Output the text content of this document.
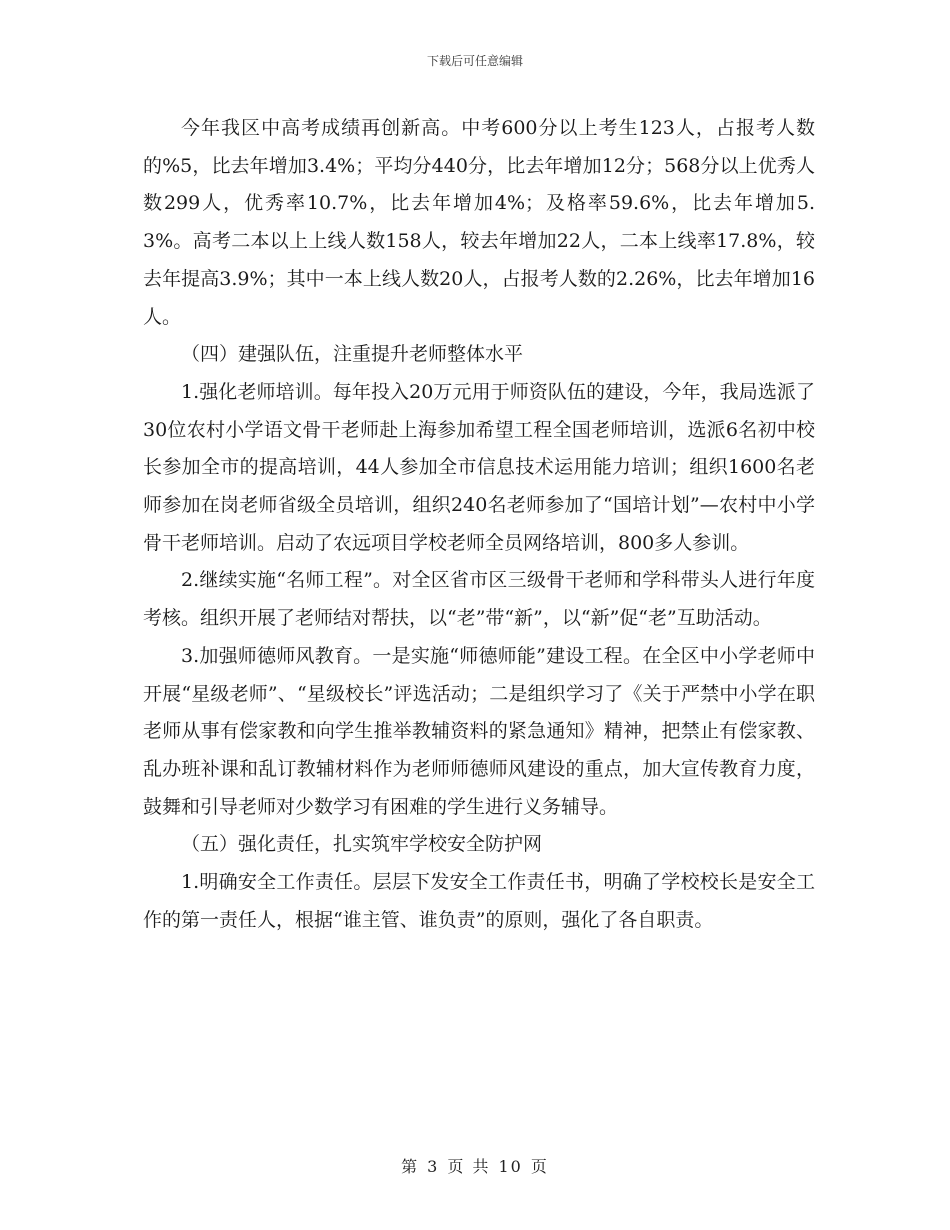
下载后可任意编辑

今年我区中高考成绩再创新高。中考600分以上考生123人，占报考人数的%5，比去年增加3.4%；平均分440分，比去年增加12分；568分以上优秀人数299人，优秀率10.7%，比去年增加4%；及格率59.6%，比去年增加5.3%。高考二本以上上线人数158人，较去年增加22人，二本上线率17.8%，较去年提高3.9%；其中一本上线人数20人，占报考人数的2.26%，比去年增加16人。

（四）建强队伍，注重提升老师整体水平

1.强化老师培训。每年投入20万元用于师资队伍的建设，今年，我局选派了30位农村小学语文骨干老师赴上海参加希望工程全国老师培训，选派6名初中校长参加全市的提高培训，44人参加全市信息技术运用能力培训；组织1600名老师参加在岗老师省级全员培训，组织240名老师参加了“国培计划”—农村中小学骨干老师培训。启动了农远项目学校老师全员网络培训，800多人参训。

2.继续实施“名师工程”。对全区省市区三级骨干老师和学科带头人进行年度考核。组织开展了老师结对帮扶，以“老”带“新”，以“新”促“老”互助活动。

3.加强师德师风教育。一是实施“师德师能”建设工程。在全区中小学老师中开展“星级老师”、“星级校长”评选活动；二是组织学习了《关于严禁中小学在职老师从事有偿家教和向学生推举教辅资料的紧急通知》精神，把禁止有偿家教、乱办班补课和乱订教辅材料作为老师师德师风建设的重点，加大宣传教育力度，鼓舞和引导老师对少数学习有困难的学生进行义务辅导。

（五）强化责任，扎实筑牢学校安全防护网

1.明确安全工作责任。层层下发安全工作责任书，明确了学校校长是安全工作的第一责任人，根据“谁主管、谁负责”的原则，强化了各自职责。

第 3 页 共 10 页
